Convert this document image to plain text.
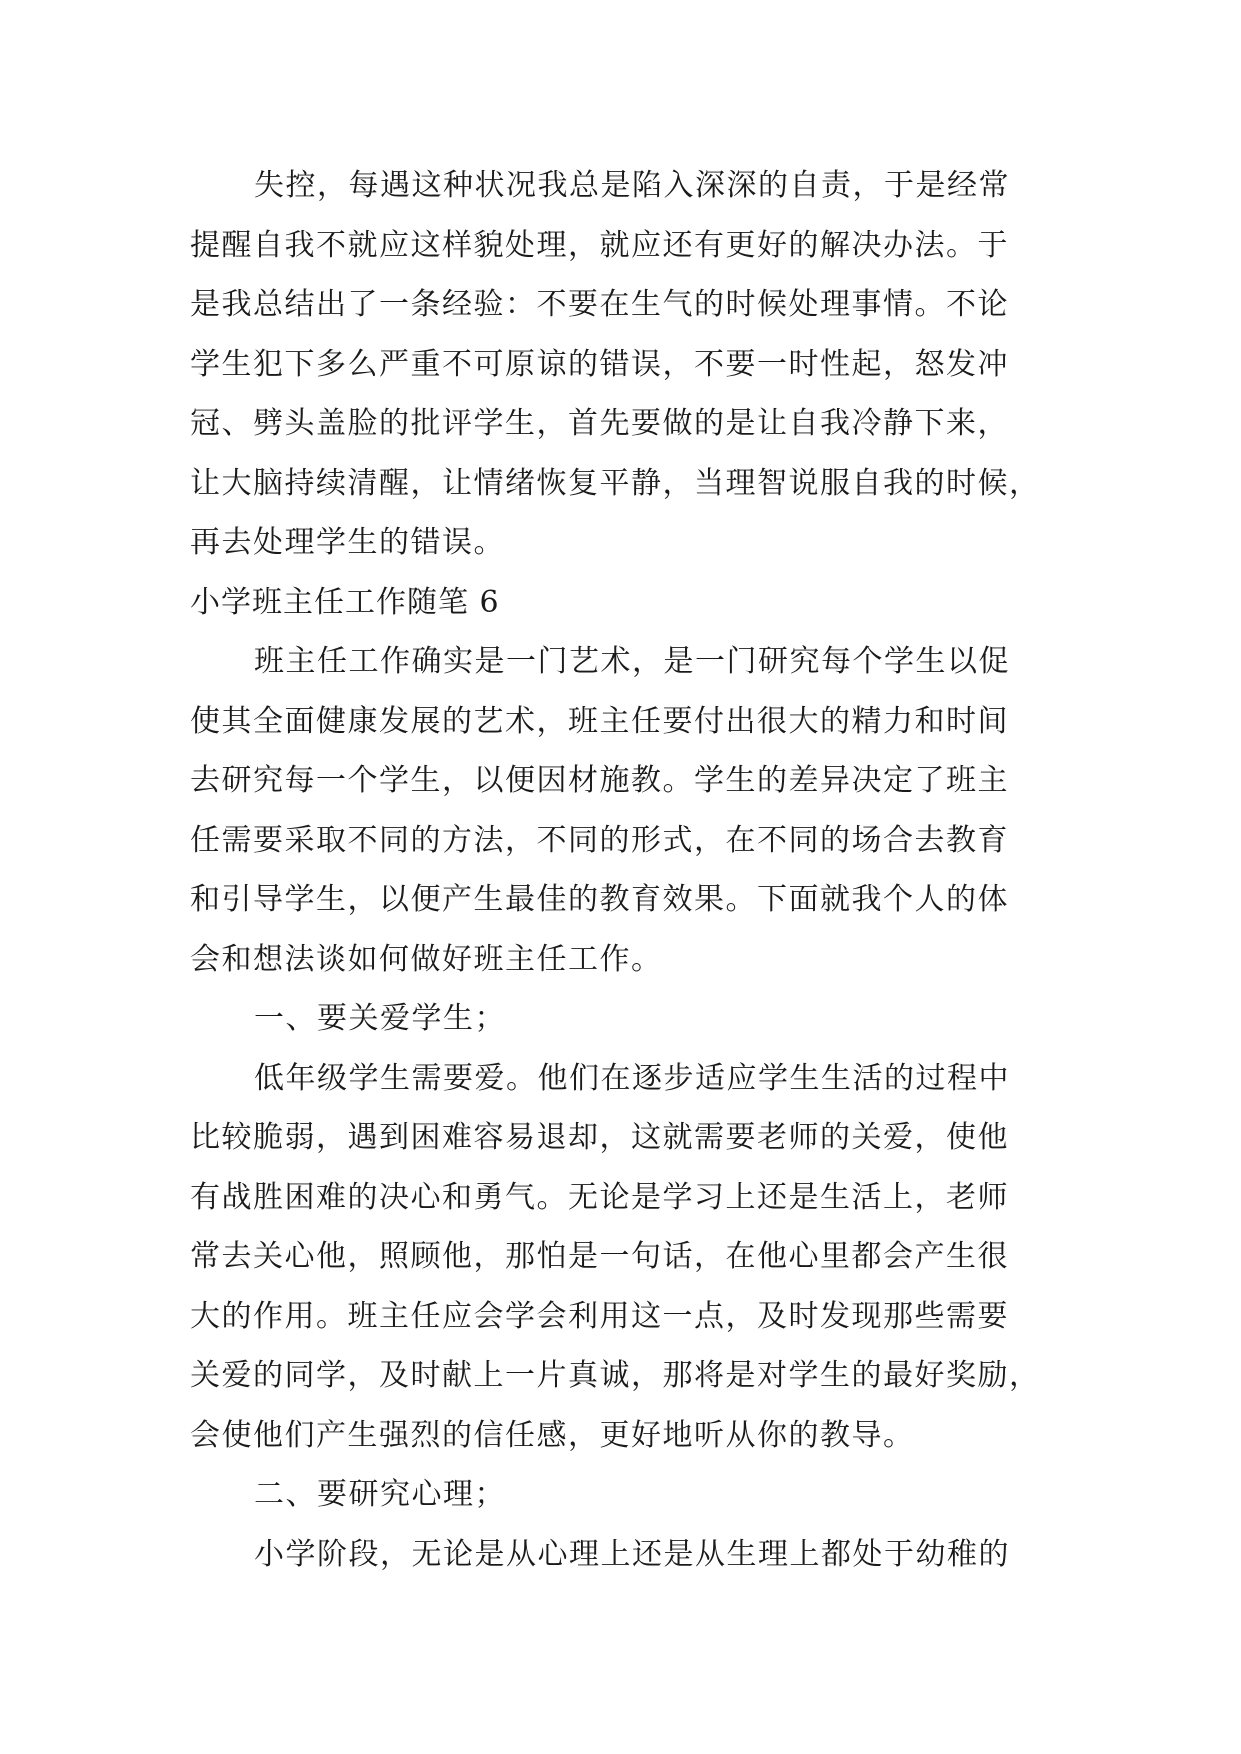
失控，每遇这种状况我总是陷入深深的自责，于是经常
提醒自我不就应这样貌处理，就应还有更好的解决办法。于
是我总结出了一条经验：不要在生气的时候处理事情。不论
学生犯下多么严重不可原谅的错误，不要一时性起，怒发冲
冠、劈头盖脸的批评学生，首先要做的是让自我冷静下来，
让大脑持续清醒，让情绪恢复平静，当理智说服自我的时候，
再去处理学生的错误。
小学班主任工作随笔 6
班主任工作确实是一门艺术，是一门研究每个学生以促
使其全面健康发展的艺术，班主任要付出很大的精力和时间
去研究每一个学生，以便因材施教。学生的差异决定了班主
任需要采取不同的方法，不同的形式，在不同的场合去教育
和引导学生，以便产生最佳的教育效果。下面就我个人的体
会和想法谈如何做好班主任工作。
一、要关爱学生；
低年级学生需要爱。他们在逐步适应学生生活的过程中
比较脆弱，遇到困难容易退却，这就需要老师的关爱，使他
有战胜困难的决心和勇气。无论是学习上还是生活上，老师
常去关心他，照顾他，那怕是一句话，在他心里都会产生很
大的作用。班主任应会学会利用这一点，及时发现那些需要
关爱的同学，及时献上一片真诚，那将是对学生的最好奖励，
会使他们产生强烈的信任感，更好地听从你的教导。
二、要研究心理；
小学阶段，无论是从心理上还是从生理上都处于幼稚的
